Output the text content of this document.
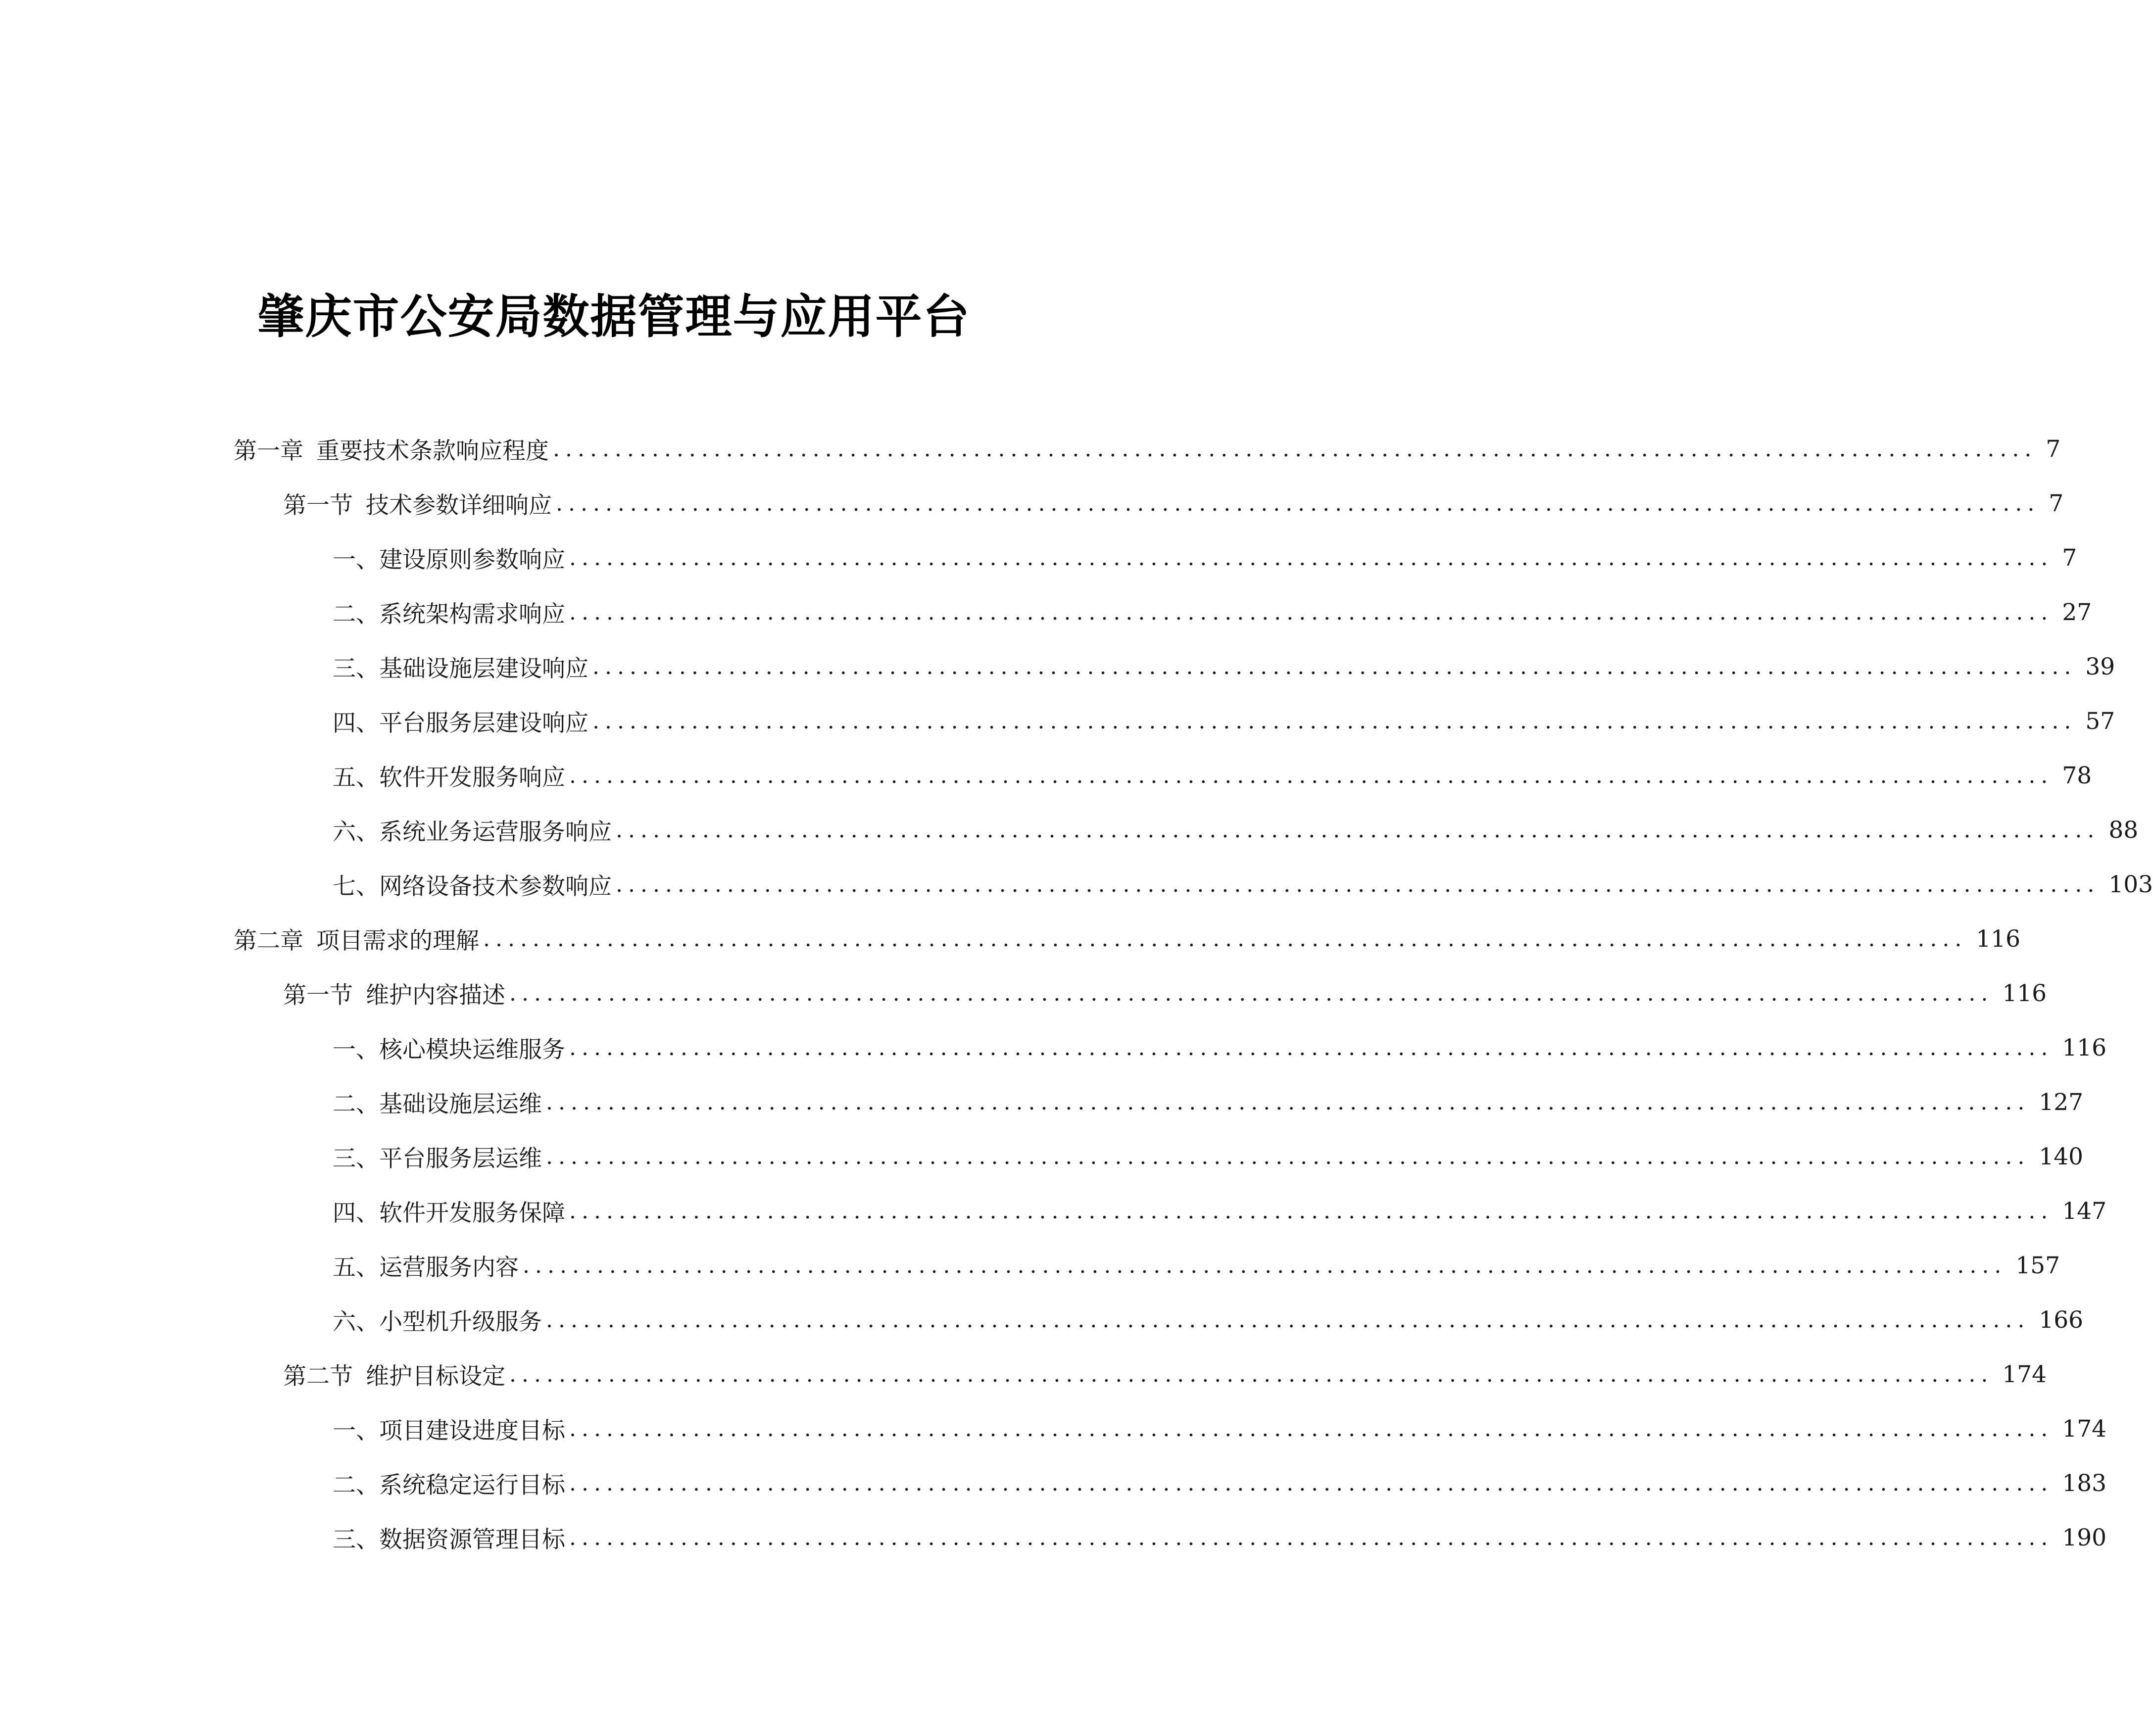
肇庆市公安局数据管理与应用平台
第一章 重要技术条款响应程度 ........................................................................................................................ 7
第一节 技术参数详细响应 ........................................................................................................................ 7
一、 建设原则参数响应 ........................................................................................................................ 7
二、 系统架构需求响应 ........................................................................................................................ 27
三、 基础设施层建设响应 ........................................................................................................................ 39
四、 平台服务层建设响应 ........................................................................................................................ 57
五、 软件开发服务响应 ........................................................................................................................ 78
六、 系统业务运营服务响应 ........................................................................................................................ 88
七、 网络设备技术参数响应 ........................................................................................................................ 103
第二章 项目需求的理解 ........................................................................................................................ 116
第一节 维护内容描述 ........................................................................................................................ 116
一、 核心模块运维服务 ........................................................................................................................ 116
二、 基础设施层运维 ........................................................................................................................ 127
三、 平台服务层运维 ........................................................................................................................ 140
四、 软件开发服务保障 ........................................................................................................................ 147
五、 运营服务内容 ........................................................................................................................ 157
六、 小型机升级服务 ........................................................................................................................ 166
第二节 维护目标设定 ........................................................................................................................ 174
一、 项目建设进度目标 ........................................................................................................................ 174
二、 系统稳定运行目标 ........................................................................................................................ 183
三、 数据资源管理目标 ........................................................................................................................ 190
